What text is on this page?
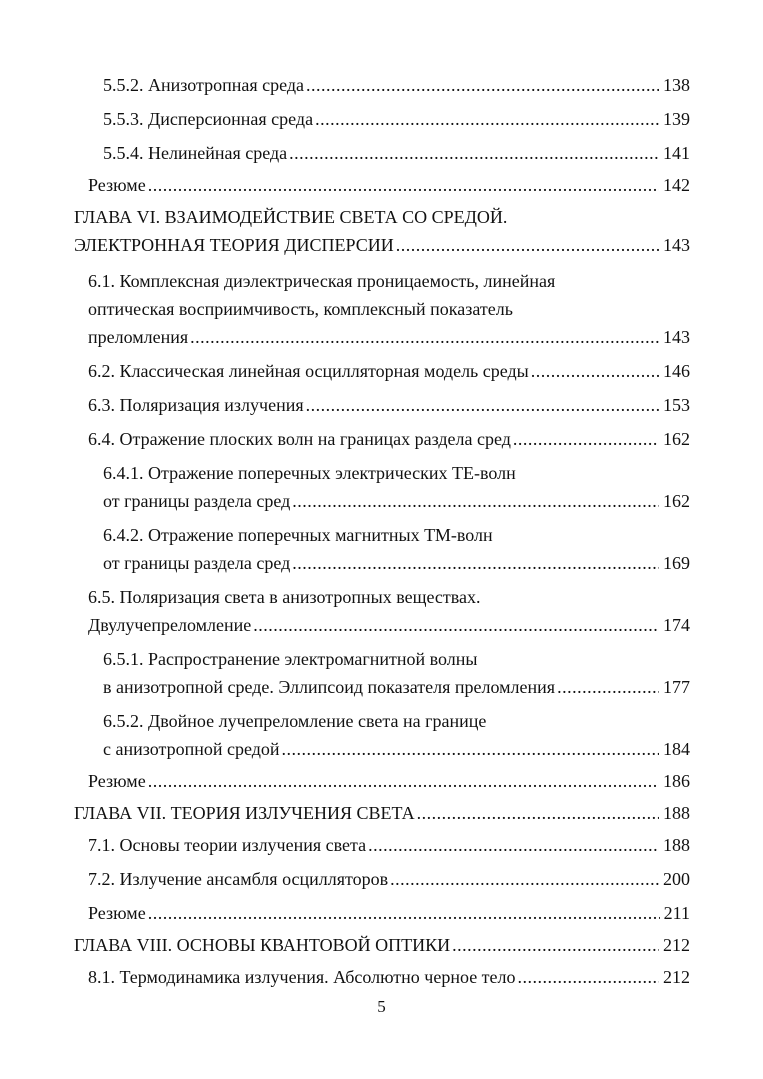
5.5.2. Анизотропная среда .....	138
5.5.3. Дисперсионная среда .....	139
5.5.4. Нелинейная среда .....	141
Резюме .....	142
ГЛАВА VI. ВЗАИМОДЕЙСТВИЕ СВЕТА СО СРЕДОЙ.
ЭЛЕКТРОННАЯ ТЕОРИЯ ДИСПЕРСИИ .....	143
6.1. Комплексная диэлектрическая проницаемость, линейная
оптическая восприимчивость, комплексный показатель
преломления .....	143
6.2. Классическая линейная осцилляторная модель среды .....	146
6.3. Поляризация излучения .....	153
6.4. Отражение плоских волн на границах раздела сред .....	162
6.4.1. Отражение поперечных электрических ТЕ-волн
от границы раздела сред .....	162
6.4.2. Отражение поперечных магнитных ТМ-волн
от границы раздела сред .....	169
6.5. Поляризация света в анизотропных веществах.
Двулучепреломление .....	174
6.5.1. Распространение электромагнитной волны
в анизотропной среде. Эллипсоид показателя преломления .....	177
6.5.2. Двойное лучепреломление света на границе
с анизотропной средой .....	184
Резюме .....	186
ГЛАВА VII. ТЕОРИЯ ИЗЛУЧЕНИЯ СВЕТА .....	188
7.1. Основы теории излучения света .....	188
7.2. Излучение ансамбля осцилляторов .....	200
Резюме .....	211
ГЛАВА VIII. ОСНОВЫ КВАНТОВОЙ ОПТИКИ .....	212
8.1. Термодинамика излучения. Абсолютно черное тело .....	212
5
